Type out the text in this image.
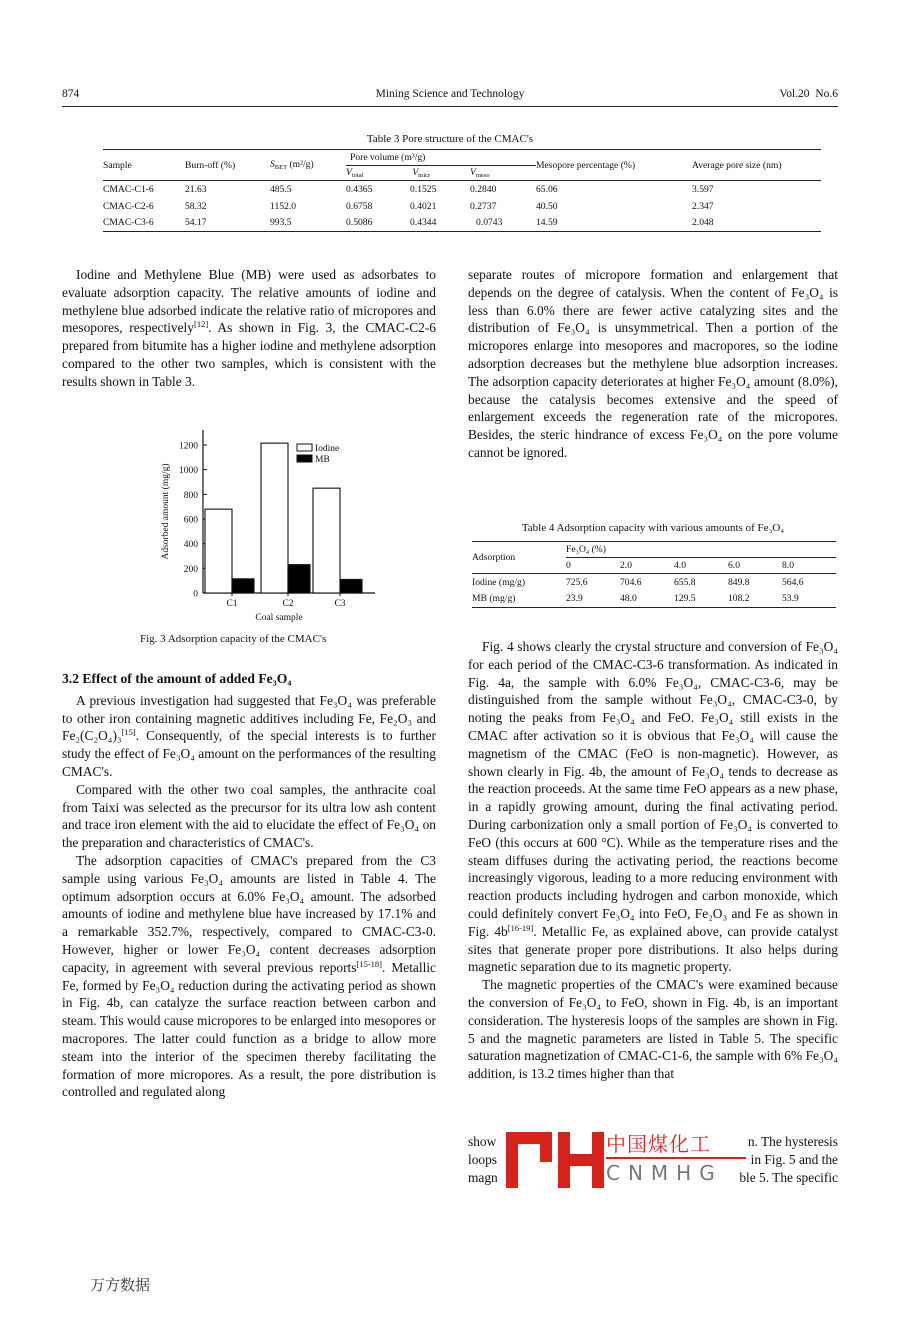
874	Mining Science and Technology	Vol.20 No.6
Table 3 Pore structure of the CMAC's
Sample	Burn-off (%)	$S_{BET}$ (m²/g)	Pore volume (m³/g)			Mesopore percentage (%)	Average pore size (nm)
			$V_{total}$	$V_{micr}$	$V_{meso}$
CMAC-C1-6	21.63	485.5	0.4365	0.1525	0.2840	65.06	3.597
CMAC-C2-6	58.32	1152.0	0.6758	0.4021	0.2737	40.50	2.347
CMAC-C3-6	54.17	993.5	0.5086	0.4344	0.0743	14.59	2.048

Iodine and Methylene Blue (MB) were used as adsorbates to evaluate adsorption capacity. The relative amounts of iodine and methylene blue adsorbed indicate the relative ratio of micropores and mesopores, respectively[12]. As shown in Fig. 3, the CMAC-C2-6 prepared from bitumite has a higher iodine and methylene adsorption compared to the other two samples, which is consistent with the results shown in Table 3.

0
200
400
600
800
1000
1200
Adsorbed amount (mg/g)
Coal sample
C1	C2	C3
Iodine
MB
Fig. 3 Adsorption capacity of the CMAC's
3.2 Effect of the amount of added Fe₃O₄

A previous investigation had suggested that Fe₃O₄ was preferable to other iron containing magnetic additives including Fe, Fe₂O₃ and Fe₂(C₂O₄)₃[15]. Consequently, of the special interests is to further study the effect of Fe₃O₄ amount on the performances of the resulting CMAC's.

Compared with the other two coal samples, the anthracite coal from Taixi was selected as the precursor for its ultra low ash content and trace iron element with the aid to elucidate the effect of Fe₃O₄ on the preparation and characteristics of CMAC's.

The adsorption capacities of CMAC's prepared from the C3 sample using various Fe₃O₄ amounts are listed in Table 4. The optimum adsorption occurs at 6.0% Fe₃O₄ amount. The adsorbed amounts of iodine and methylene blue have increased by 17.1% and a remarkable 352.7%, respectively, compared to CMAC-C3-0. However, higher or lower Fe₃O₄ content decreases adsorption capacity, in agreement with several previous reports[15-18]. Metallic Fe, formed by Fe₃O₄ reduction during the activating period as shown in Fig. 4b, can catalyze the surface reaction between carbon and steam. This would cause micropores to be enlarged into mesopores or macropores. The latter could function as a bridge to allow more steam into the interior of the specimen thereby facilitating the formation of more micropores. As a result, the pore distribution is controlled and regulated along

separate routes of micropore formation and enlargement that depends on the degree of catalysis. When the content of Fe₃O₄ is less than 6.0% there are fewer active catalyzing sites and the distribution of Fe₃O₄ is unsymmetrical. Then a portion of the micropores enlarge into mesopores and macropores, so the iodine adsorption decreases but the methylene blue adsorption increases. The adsorption capacity deteriorates at higher Fe₃O₄ amount (8.0%), because the catalysis becomes extensive and the speed of enlargement exceeds the regeneration rate of the micropores. Besides, the steric hindrance of excess Fe₃O₄ on the pore volume cannot be ignored.

Table 4 Adsorption capacity with various amounts of Fe₃O₄
Adsorption	Fe₃O₄ (%)				
	0	2.0	4.0	6.0	8.0
Iodine (mg/g)	725.6	704.6	655.8	849.8	564.6
MB (mg/g)	23.9	48.0	129.5	108.2	53.9

Fig. 4 shows clearly the crystal structure and conversion of Fe₃O₄ for each period of the CMAC-C3-6 transformation. As indicated in Fig. 4a, the sample with 6.0% Fe₃O₄, CMAC-C3-6, may be distinguished from the sample without Fe₃O₄, CMAC-C3-0, by noting the peaks from Fe₃O₄ and FeO. Fe₃O₄ still exists in the CMAC after activation so it is obvious that Fe₃O₄ will cause the magnetism of the CMAC (FeO is non-magnetic). However, as shown clearly in Fig. 4b, the amount of Fe₃O₄ tends to decrease as the reaction proceeds. At the same time FeO appears as a new phase, in a rapidly growing amount, during the final activating period. During carbonization only a small portion of Fe₃O₄ is converted to FeO (this occurs at 600 °C). While as the temperature rises and the steam diffuses during the activating period, the reactions become increasingly vigorous, leading to a more reducing environment with reaction products including hydrogen and carbon monoxide, which could definitely convert Fe₃O₄ into FeO, Fe₂O₃ and Fe as shown in Fig. 4b[16-19]. Metallic Fe, as explained above, can provide catalyst sites that generate proper pore distributions. It also helps during magnetic separation due to its magnetic property.

The magnetic properties of the CMAC's were examined because the conversion of Fe₃O₄ to FeO, shown in Fig. 4b, is an important consideration. The hysteresis loops of the samples are shown in Fig. 5 and the magnetic parameters are listed in Table 5. The specific saturation magnetization of CMAC-C1-6, the sample with 6% Fe₃O₄ addition, is 13.2 times higher than that

中国煤化工
CNMHG
show	n. The hysteresis
loops	in Fig. 5 and the
magn	ble 5. The specific
万方数据
